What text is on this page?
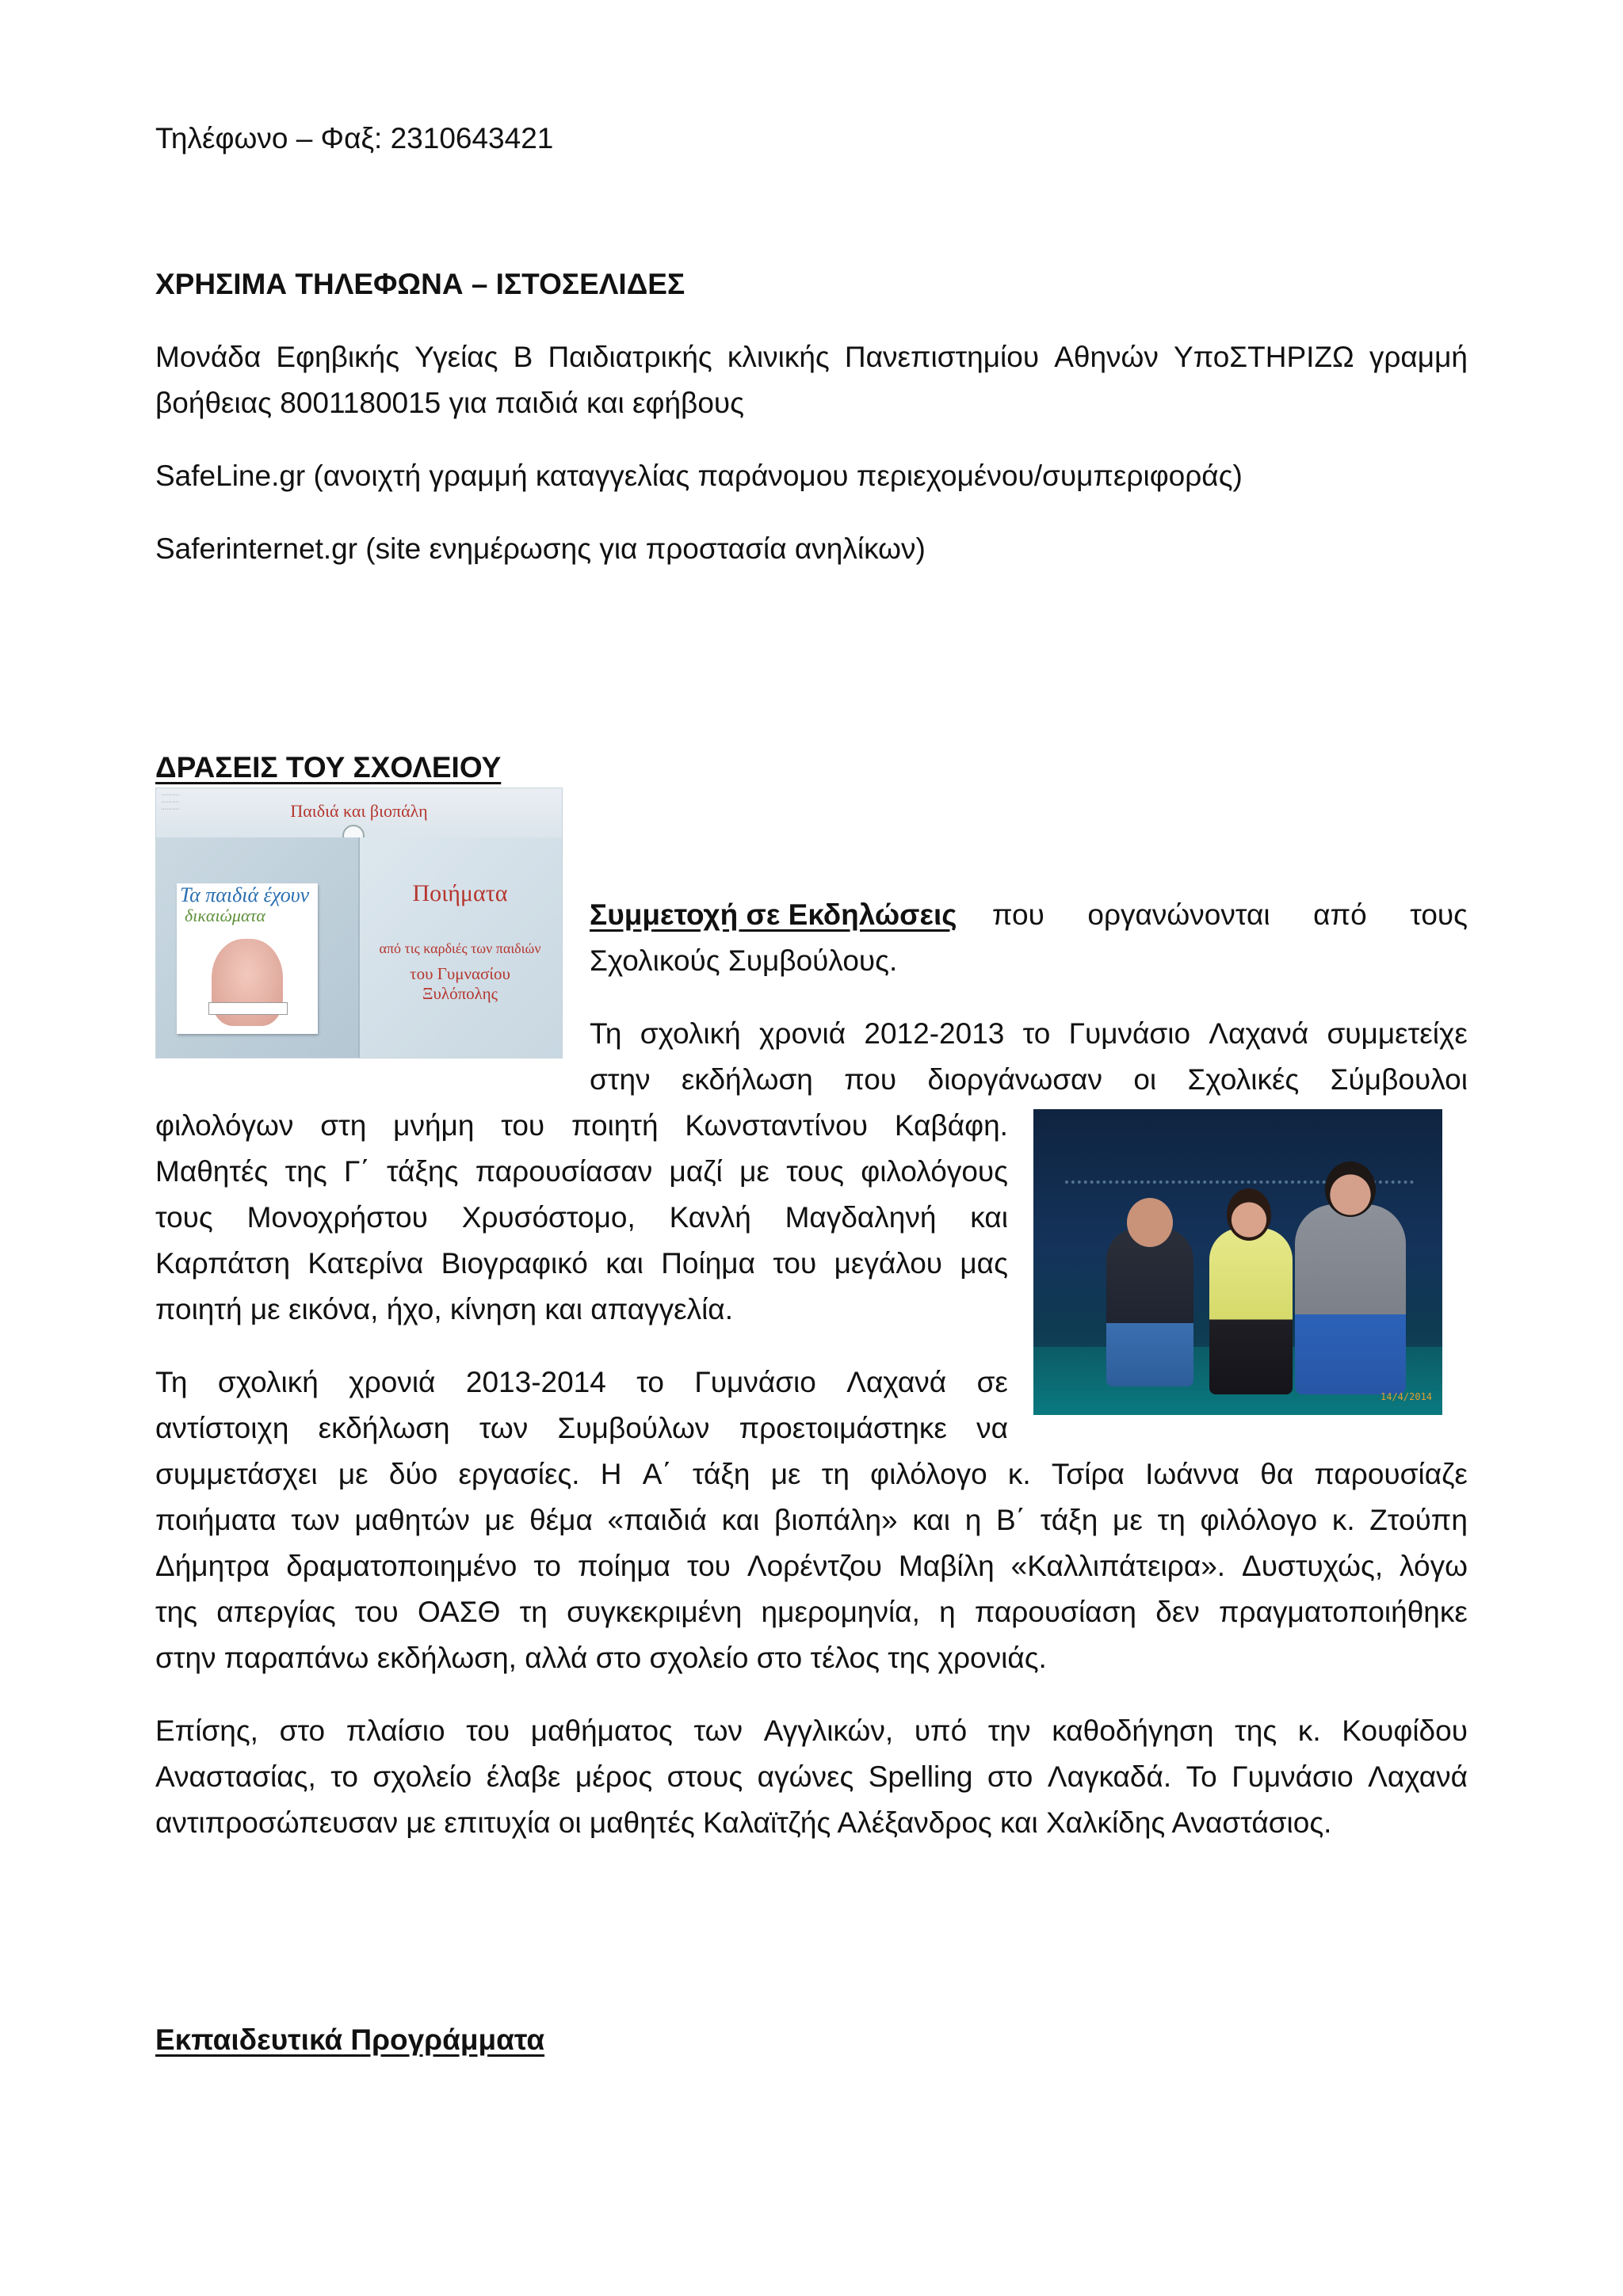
Τηλέφωνο – Φαξ: 2310643421
ΧΡΗΣΙΜΑ ΤΗΛΕΦΩΝΑ – ΙΣΤΟΣΕΛΙΔΕΣ
Μονάδα Εφηβικής Υγείας Β Παιδιατρικής κλινικής Πανεπιστημίου Αθηνών ΥποΣΤΗΡΙΖΩ γραμμή
βοήθειας 8001180015 για παιδιά και εφήβους
SafeLine.gr (ανοιχτή γραμμή καταγγελίας παράνομου περιεχομένου/συμπεριφοράς)
Saferinternet.gr (site ενημέρωσης για προστασία ανηλίκων)
ΔΡΑΣΕΙΣ ΤΟΥ ΣΧΟΛΕΙΟΥ
··········
··········
··········	Παιδιά και βιοπάλη
Τα παιδιά έχουν
δικαιώματα
Ποιήματα
από τις καρδιές των παιδιών
του Γυμνασίου
Ξυλόπολης
Συμμετοχή σε Εκδηλώσεις που οργανώνονται από τους
Σχολικούς Συμβούλους.
Τη σχολική χρονιά 2012-2013 το Γυμνάσιο Λαχανά συμμετείχε
στην εκδήλωση που διοργάνωσαν οι Σχολικές Σύμβουλοι
14/4/2014
φιλολόγων στη μνήμη του ποιητή Κωνσταντίνου Καβάφη.
Μαθητές της Γ΄ τάξης παρουσίασαν μαζί με τους φιλολόγους
τους Μονοχρήστου Χρυσόστομο, Κανλή Μαγδαληνή και
Καρπάτση Κατερίνα Βιογραφικό και Ποίημα του μεγάλου μας
ποιητή με εικόνα, ήχο, κίνηση και απαγγελία.
Τη σχολική χρονιά 2013-2014 το Γυμνάσιο Λαχανά σε
αντίστοιχη εκδήλωση των Συμβούλων προετοιμάστηκε να
συμμετάσχει με δύο εργασίες. Η Α΄ τάξη με τη φιλόλογο κ. Τσίρα Ιωάννα θα παρουσίαζε
ποιήματα των μαθητών με θέμα «παιδιά και βιοπάλη» και η Β΄ τάξη με τη φιλόλογο κ. Ζτούπη
Δήμητρα δραματοποιημένο το ποίημα του Λορέντζου Μαβίλη «Καλλιπάτειρα». Δυστυχώς, λόγω
της απεργίας του ΟΑΣΘ τη συγκεκριμένη ημερομηνία, η παρουσίαση δεν πραγματοποιήθηκε
στην παραπάνω εκδήλωση, αλλά στο σχολείο στο τέλος της χρονιάς.
Επίσης, στο πλαίσιο του μαθήματος των Αγγλικών, υπό την καθοδήγηση της κ. Κουφίδου
Αναστασίας, το σχολείο έλαβε μέρος στους αγώνες Spelling στο Λαγκαδά. Το Γυμνάσιο Λαχανά
αντιπροσώπευσαν με επιτυχία οι μαθητές Καλαϊτζής Αλέξανδρος και Χαλκίδης Αναστάσιος.
Εκπαιδευτικά Προγράμματα
